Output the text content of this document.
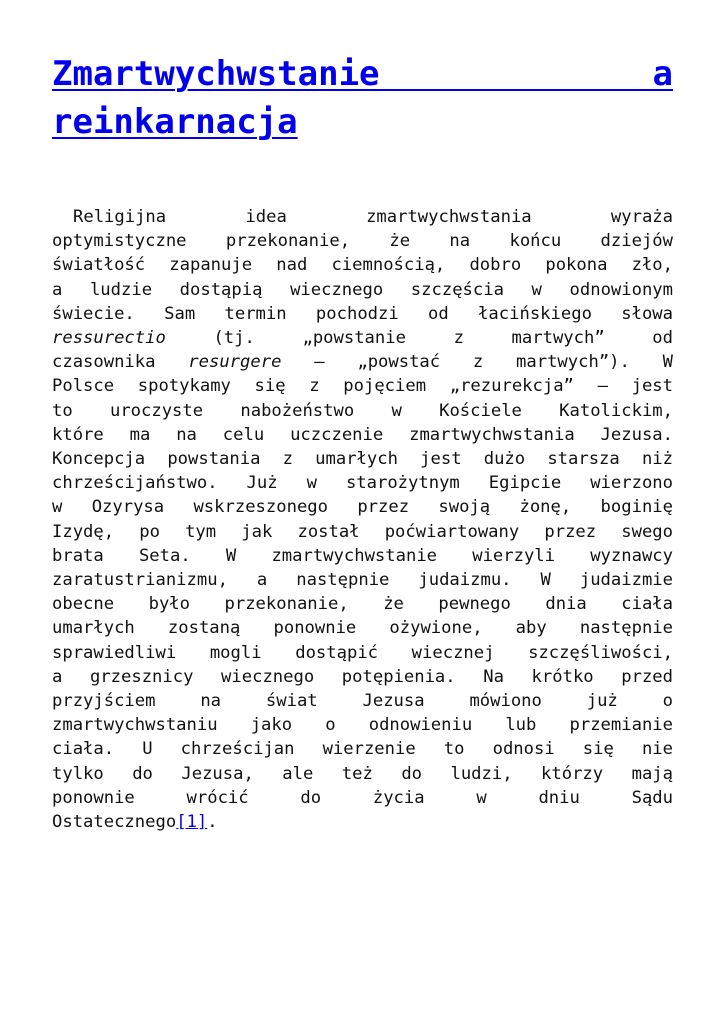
Zmartwychwstanie	a
reinkarnacja
Religijna idea zmartwychwstania wyraża
optymistyczne przekonanie, że na końcu dziejów
światłość zapanuje nad ciemnością, dobro pokona zło,
a ludzie dostąpią wiecznego szczęścia w odnowionym
świecie. Sam termin pochodzi od łacińskiego słowa
ressurectio (tj. „powstanie z martwych” od
czasownika resurgere – „powstać z martwych”). W
Polsce spotykamy się z pojęciem „rezurekcja” – jest
to uroczyste nabożeństwo w Kościele Katolickim,
które ma na celu uczczenie zmartwychwstania Jezusa.
Koncepcja powstania z umarłych jest dużo starsza niż
chrześcijaństwo. Już w starożytnym Egipcie wierzono
w Ozyrysa wskrzeszonego przez swoją żonę, boginię
Izydę, po tym jak został poćwiartowany przez swego
brata Seta. W zmartwychwstanie wierzyli wyznawcy
zaratustrianizmu, a następnie judaizmu. W judaizmie
obecne było przekonanie, że pewnego dnia ciała
umarłych zostaną ponownie ożywione, aby następnie
sprawiedliwi mogli dostąpić wiecznej szczęśliwości,
a grzesznicy wiecznego potępienia. Na krótko przed
przyjściem na świat Jezusa mówiono już o
zmartwychwstaniu jako o odnowieniu lub przemianie
ciała. U chrześcijan wierzenie to odnosi się nie
tylko do Jezusa, ale też do ludzi, którzy mają
ponownie wrócić do życia w dniu Sądu
Ostatecznego[1].
